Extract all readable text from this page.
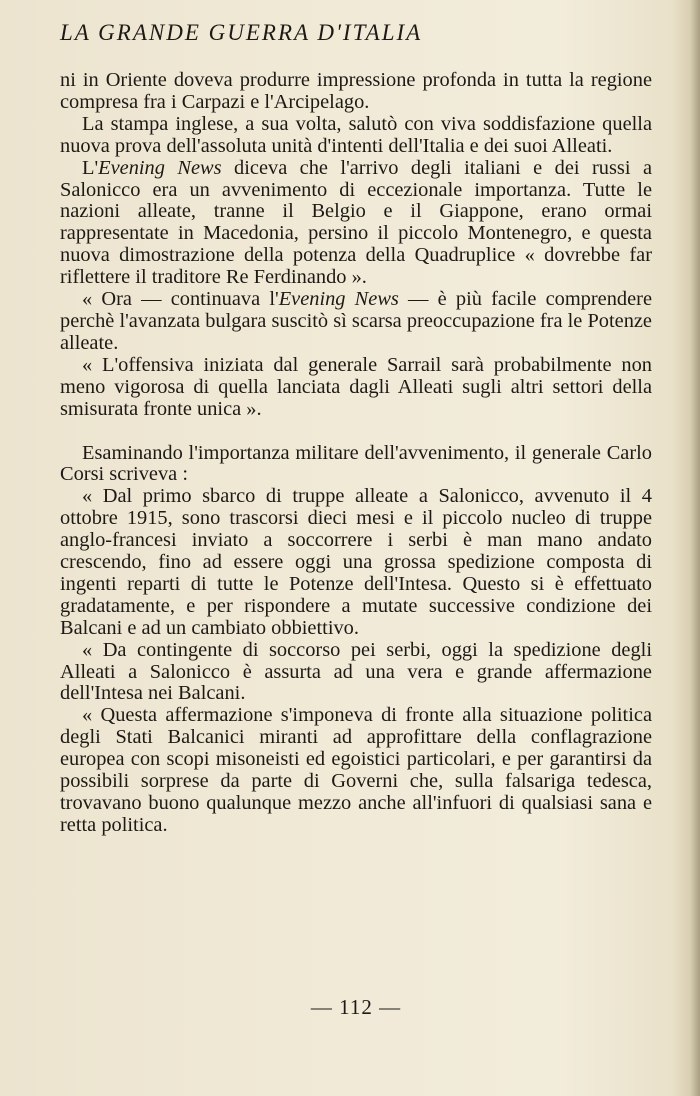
LA GRANDE GUERRA D'ITALIA

ni in Oriente doveva produrre impressione profonda in tutta la regione compresa fra i Carpazi e l'Arcipelago.

La stampa inglese, a sua volta, salutò con viva soddisfazione quella nuova prova dell'assoluta unità d'intenti dell'Italia e dei suoi Alleati.

L'Evening News diceva che l'arrivo degli italiani e dei russi a Salonicco era un avvenimento di eccezionale importanza. Tutte le nazioni alleate, tranne il Belgio e il Giappone, erano ormai rappresentate in Macedonia, persino il piccolo Montenegro, e questa nuova dimostrazione della potenza della Quadruplice « dovrebbe far riflettere il traditore Re Ferdinando ».

« Ora — continuava l'Evening News — è più facile comprendere perchè l'avanzata bulgara suscitò sì scarsa preoccupazione fra le Potenze alleate.

« L'offensiva iniziata dal generale Sarrail sarà probabilmente non meno vigorosa di quella lanciata dagli Alleati sugli altri settori della smisurata fronte unica ».

Esaminando l'importanza militare dell'avvenimento, il generale Carlo Corsi scriveva :

« Dal primo sbarco di truppe alleate a Salonicco, avvenuto il 4 ottobre 1915, sono trascorsi dieci mesi e il piccolo nucleo di truppe anglo-francesi inviato a soccorrere i serbi è man mano andato crescendo, fino ad essere oggi una grossa spedizione composta di ingenti reparti di tutte le Potenze dell'Intesa. Questo si è effettuato gradatamente, e per rispondere a mutate successive condizione dei Balcani e ad un cambiato obbiettivo.

« Da contingente di soccorso pei serbi, oggi la spedizione degli Alleati a Salonicco è assurta ad una vera e grande affermazione dell'Intesa nei Balcani.

« Questa affermazione s'imponeva di fronte alla situazione politica degli Stati Balcanici miranti ad approfittare della conflagrazione europea con scopi misoneisti ed egoistici particolari, e per garantirsi da possibili sorprese da parte di Governi che, sulla falsariga tedesca, trovavano buono qualunque mezzo anche all'infuori di qualsiasi sana e retta politica.

— 112 —
